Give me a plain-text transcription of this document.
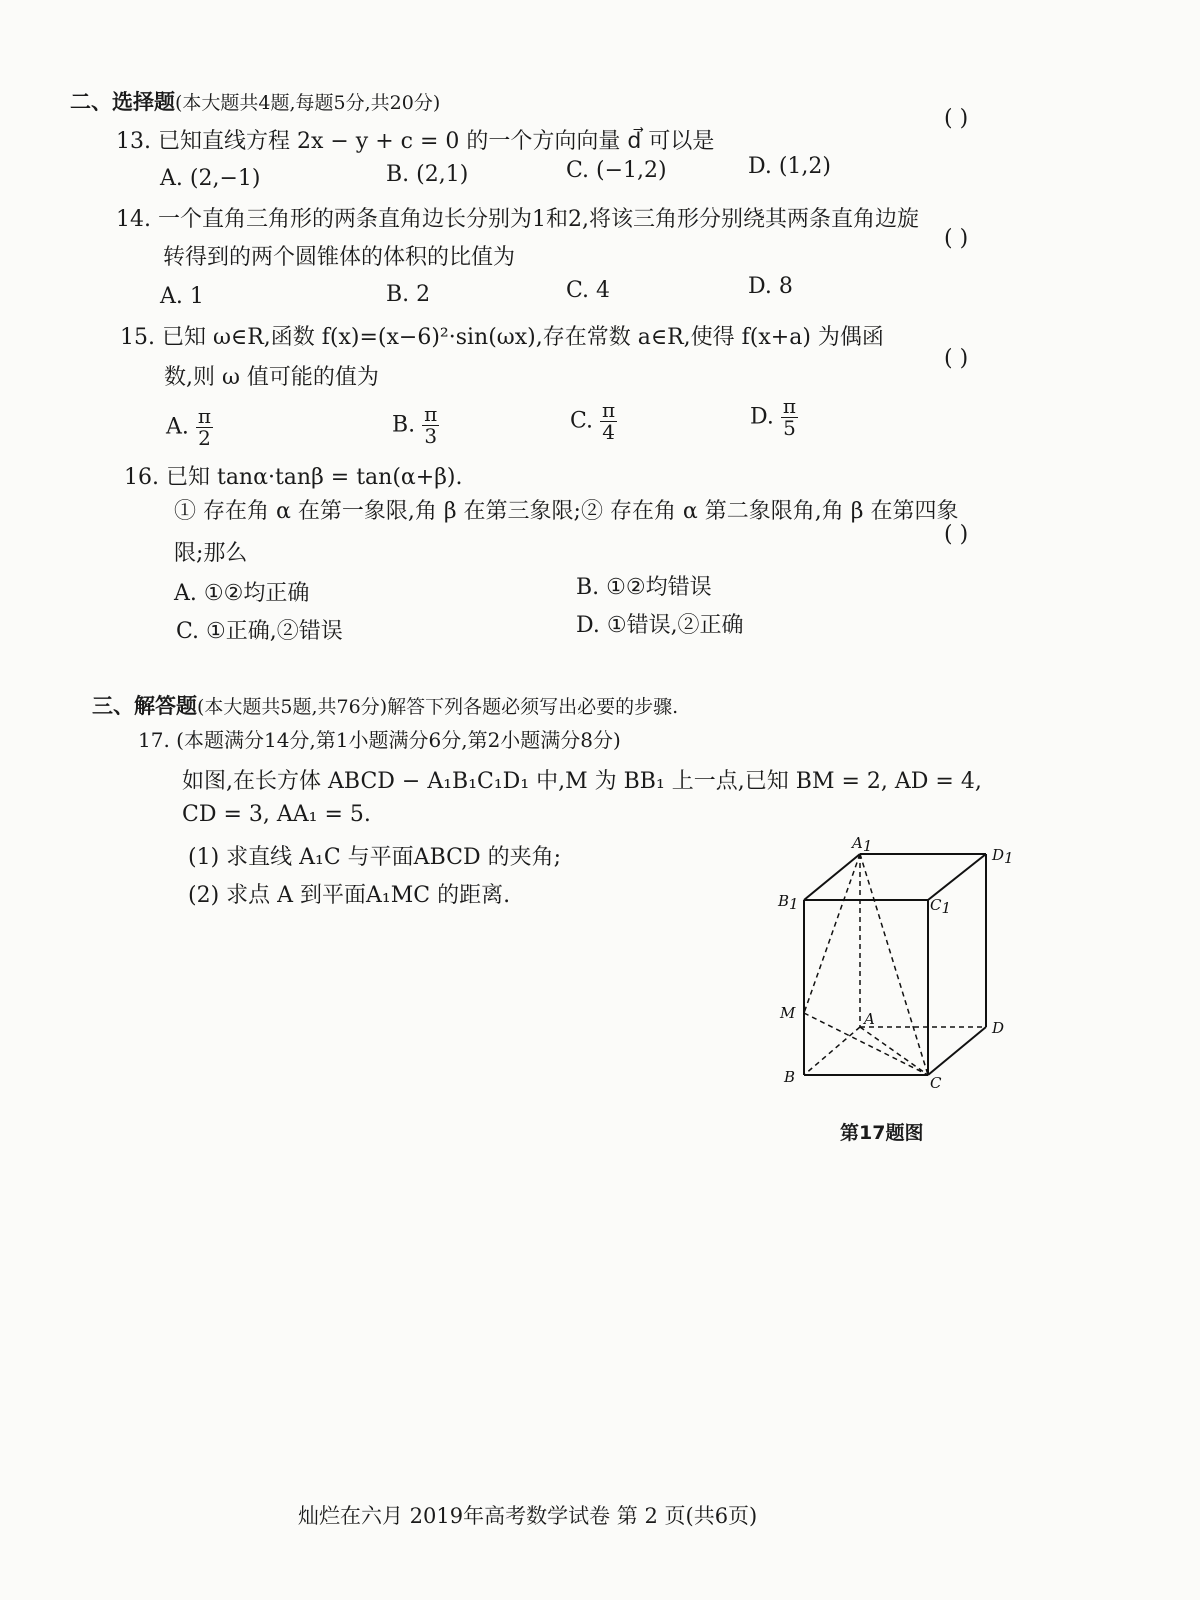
二、选择题(本大题共4题,每题5分,共20分)
13. 已知直线方程 2x − y + c = 0 的一个方向向量 d⃗ 可以是
( )
A. (2,−1)	B. (2,1)	C. (−1,2)	D. (1,2)
14. 一个直角三角形的两条直角边长分别为1和2,将该三角形分别绕其两条直角边旋
转得到的两个圆锥体的体积的比值为
( )
A. 1	B. 2	C. 4	D. 8
15. 已知 ω∈R,函数 f(x)=(x−6)²·sin(ωx),存在常数 a∈R,使得 f(x+a) 为偶函
数,则 ω 值可能的值为
( )
A. $\frac{\pi}{2}$	B. $\frac{\pi}{3}$	C. $\frac{\pi}{4}$	D. $\frac{\pi}{5}$
16. 已知 tanα·tanβ = tan(α+β).
① 存在角 α 在第一象限,角 β 在第三象限;② 存在角 α 第二象限角,角 β 在第四象
限;那么
( )
A. ①②均正确	B. ①②均错误
C. ①正确,②错误	D. ①错误,②正确
三、解答题(本大题共5题,共76分)解答下列各题必须写出必要的步骤.
17. (本题满分14分,第1小题满分6分,第2小题满分8分)
如图,在长方体 ABCD − A₁B₁C₁D₁ 中,M 为 BB₁ 上一点,已知 BM = 2, AD = 4,
CD = 3, AA₁ = 5.
(1) 求直线 A₁C 与平面ABCD 的夹角;
(2) 求点 A 到平面A₁MC 的距离.
A1	D1
B1	C1
M	A	D
B	C
第17题图
灿烂在六月 2019年高考数学试卷 第 2 页(共6页)
